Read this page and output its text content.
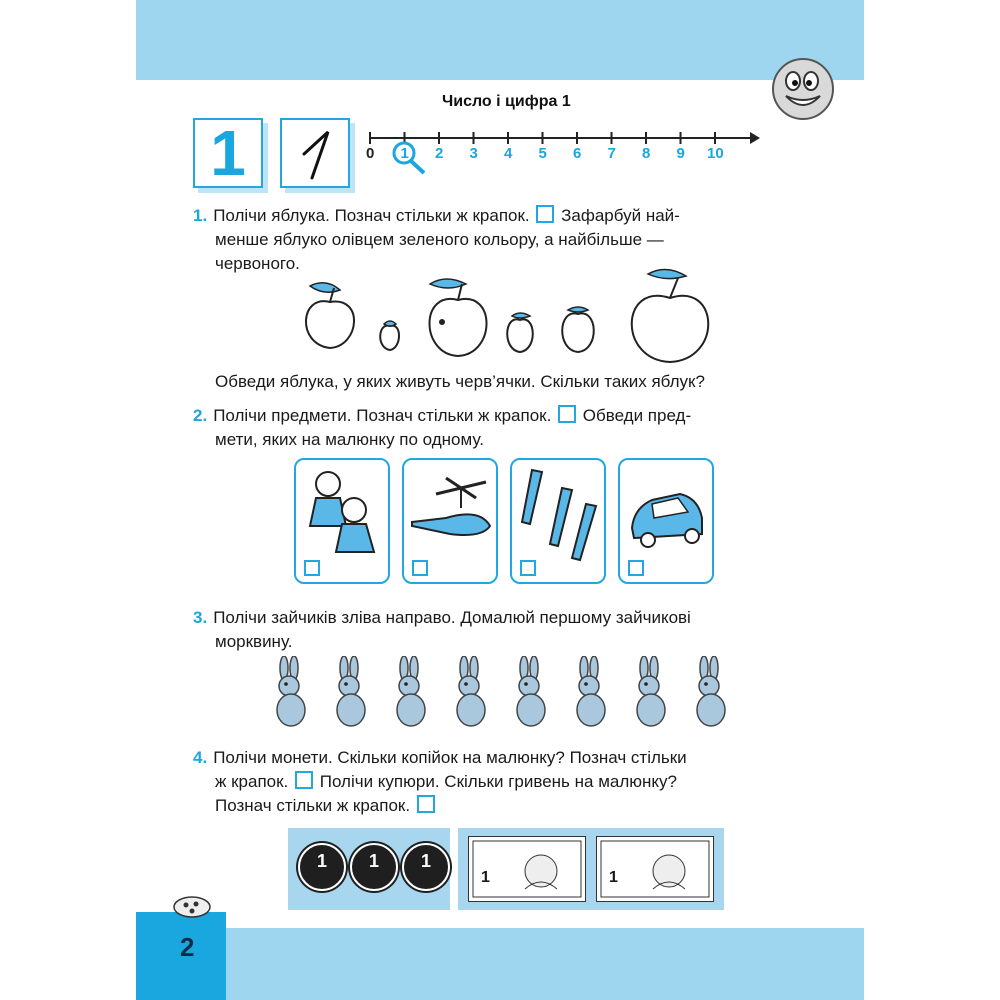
Число і цифра 1
1	1 2 3 4 5 6 7 8 9 10
0
1. Полічи яблука. Познач стільки ж крапок. Зафарбуй най-
менше яблуко олівцем зеленого кольору, а найбільше —
червоного.
Обведи яблука, у яких живуть черв’ячки. Скільки таких яблук?
2. Полічи предмети. Познач стільки ж крапок. Обведи пред-
мети, яких на малюнку по одному.
3. Полічи зайчиків зліва направо. Домалюй першому зайчикові
морквину.
4. Полічи монети. Скільки копійок на малюнку? Познач стільки
ж крапок. Полічи купюри. Скільки гривень на малюнку?
Познач стільки ж крапок.
1	1	1
1	1
2
